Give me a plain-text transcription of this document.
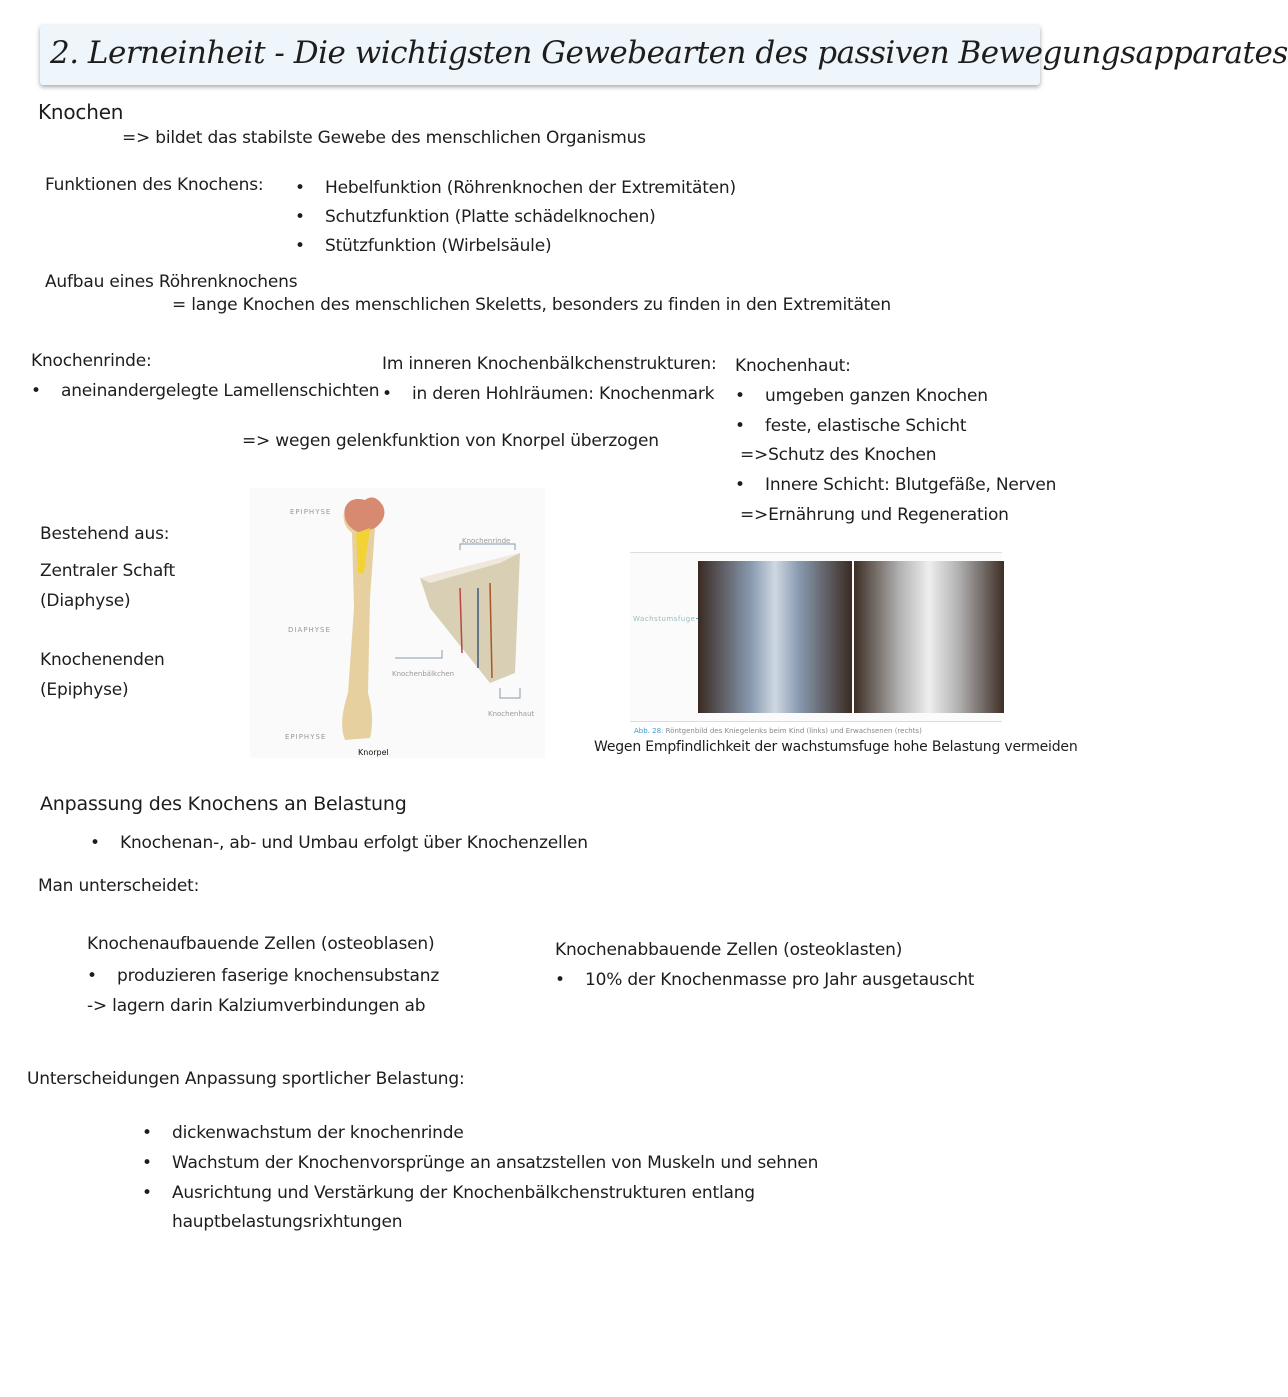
2. Lerneinheit - Die wichtigsten Gewebearten des passiven Bewegungsapparates
Knochen
=> bildet das stabilste Gewebe des menschlichen Organismus
Funktionen des Knochens:	• Hebelfunktion (Röhrenknochen der Extremitäten)
• Schutzfunktion (Platte schädelknochen)
• Stützfunktion (Wirbelsäule)
Aufbau eines Röhrenknochens
= lange Knochen des menschlichen Skeletts, besonders zu finden in den Extremitäten
Knochenrinde:
• aneinandergelegte Lamellenschichten
Im inneren Knochenbälkchenstrukturen:
• in deren Hohlräumen: Knochenmark
=> wegen gelenkfunktion von Knorpel überzogen
Knochenhaut:
• umgeben ganzen Knochen
• feste, elastische Schicht
=>Schutz des Knochen
• Innere Schicht: Blutgefäße, Nerven
=>Ernährung und Regeneration
Bestehend aus:
Zentraler Schaft
(Diaphyse)
Knochenenden
(Epiphyse)
EPIPHYSE
DIAPHYSE
EPIPHYSE
Knochenrinde
Knochenbälkchen
Knochenhaut
Knorpel
Wachstumsfuge
Abb. 28: Röntgenbild des Kniegelenks beim Kind (links) und Erwachsenen (rechts)
Wegen Empfindlichkeit der wachstumsfuge hohe Belastung vermeiden
Anpassung des Knochens an Belastung
• Knochenan-, ab- und Umbau erfolgt über Knochenzellen
Man unterscheidet:
Knochenaufbauende Zellen (osteoblasen)
• produzieren faserige knochensubstanz
-> lagern darin Kalziumverbindungen ab
Knochenabbauende Zellen (osteoklasten)
• 10% der Knochenmasse pro Jahr ausgetauscht
Unterscheidungen Anpassung sportlicher Belastung:
• dickenwachstum der knochenrinde
• Wachstum der Knochenvorsprünge an ansatzstellen von Muskeln und sehnen
• Ausrichtung und Verstärkung der Knochenbälkchenstrukturen entlang
hauptbelastungsrixhtungen
